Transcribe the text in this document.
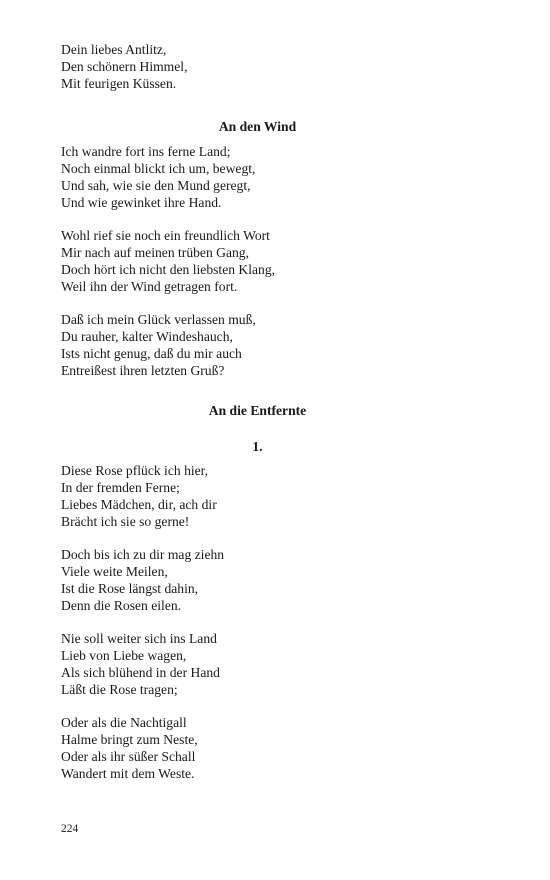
Dein liebes Antlitz,
Den schönern Himmel,
Mit feurigen Küssen.
An den Wind
Ich wandre fort ins ferne Land;
Noch einmal blickt ich um, bewegt,
Und sah, wie sie den Mund geregt,
Und wie gewinket ihre Hand.
Wohl rief sie noch ein freundlich Wort
Mir nach auf meinen trüben Gang,
Doch hört ich nicht den liebsten Klang,
Weil ihn der Wind getragen fort.
Daß ich mein Glück verlassen muß,
Du rauher, kalter Windeshauch,
Ists nicht genug, daß du mir auch
Entreißest ihren letzten Gruß?
An die Entfernte
1.
Diese Rose pflück ich hier,
In der fremden Ferne;
Liebes Mädchen, dir, ach dir
Brächt ich sie so gerne!
Doch bis ich zu dir mag ziehn
Viele weite Meilen,
Ist die Rose längst dahin,
Denn die Rosen eilen.
Nie soll weiter sich ins Land
Lieb von Liebe wagen,
Als sich blühend in der Hand
Läßt die Rose tragen;
Oder als die Nachtigall
Halme bringt zum Neste,
Oder als ihr süßer Schall
Wandert mit dem Weste.
224
